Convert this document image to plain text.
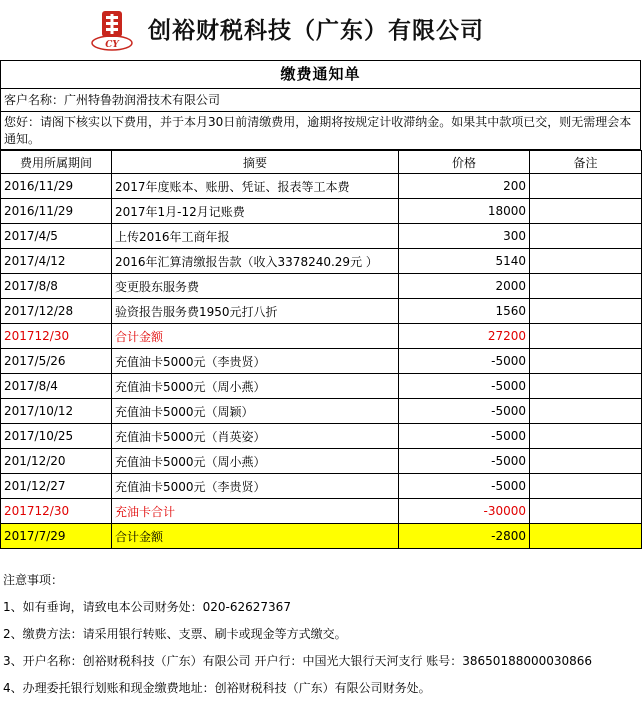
CY
创裕财税科技（广东）有限公司
缴费通知单
客户名称：广州特鲁勃润滑技术有限公司
您好：请阁下核实以下费用，并于本月30日前清缴费用，逾期将按规定计收滞纳金。如果其中款项已交，则无需理会本通知。
费用所属期间	摘要	价格	备注
2016/11/29	2017年度账本、账册、凭证、报表等工本费	200	
2016/11/29	2017年1月-12月记账费	18000	
2017/4/5	上传2016年工商年报	300	
2017/4/12	2016年汇算清缴报告款（收入3378240.29元 ）	5140	
2017/8/8	变更股东服务费	2000	
2017/12/28	验资报告服务费1950元打八折	1560	
201712/30	合计金额	27200	
2017/5/26	充值油卡5000元（李贵贤）	-5000	
2017/8/4	充值油卡5000元（周小燕）	-5000	
2017/10/12	充值油卡5000元（周颖）	-5000	
2017/10/25	充值油卡5000元（肖英姿）	-5000	
201/12/20	充值油卡5000元（周小燕）	-5000	
201/12/27	充值油卡5000元（李贵贤）	-5000	
201712/30	充油卡合计	-30000	
2017/7/29	合计金额	-2800	
注意事项：
1、如有垂询，请致电本公司财务处：020-62627367
2、缴费方法：请采用银行转账、支票、刷卡或现金等方式缴交。
3、开户名称：创裕财税科技（广东）有限公司 开户行：中国光大银行天河支行 账号：38650188000030866
4、办理委托银行划账和现金缴费地址：创裕财税科技（广东）有限公司财务处。
